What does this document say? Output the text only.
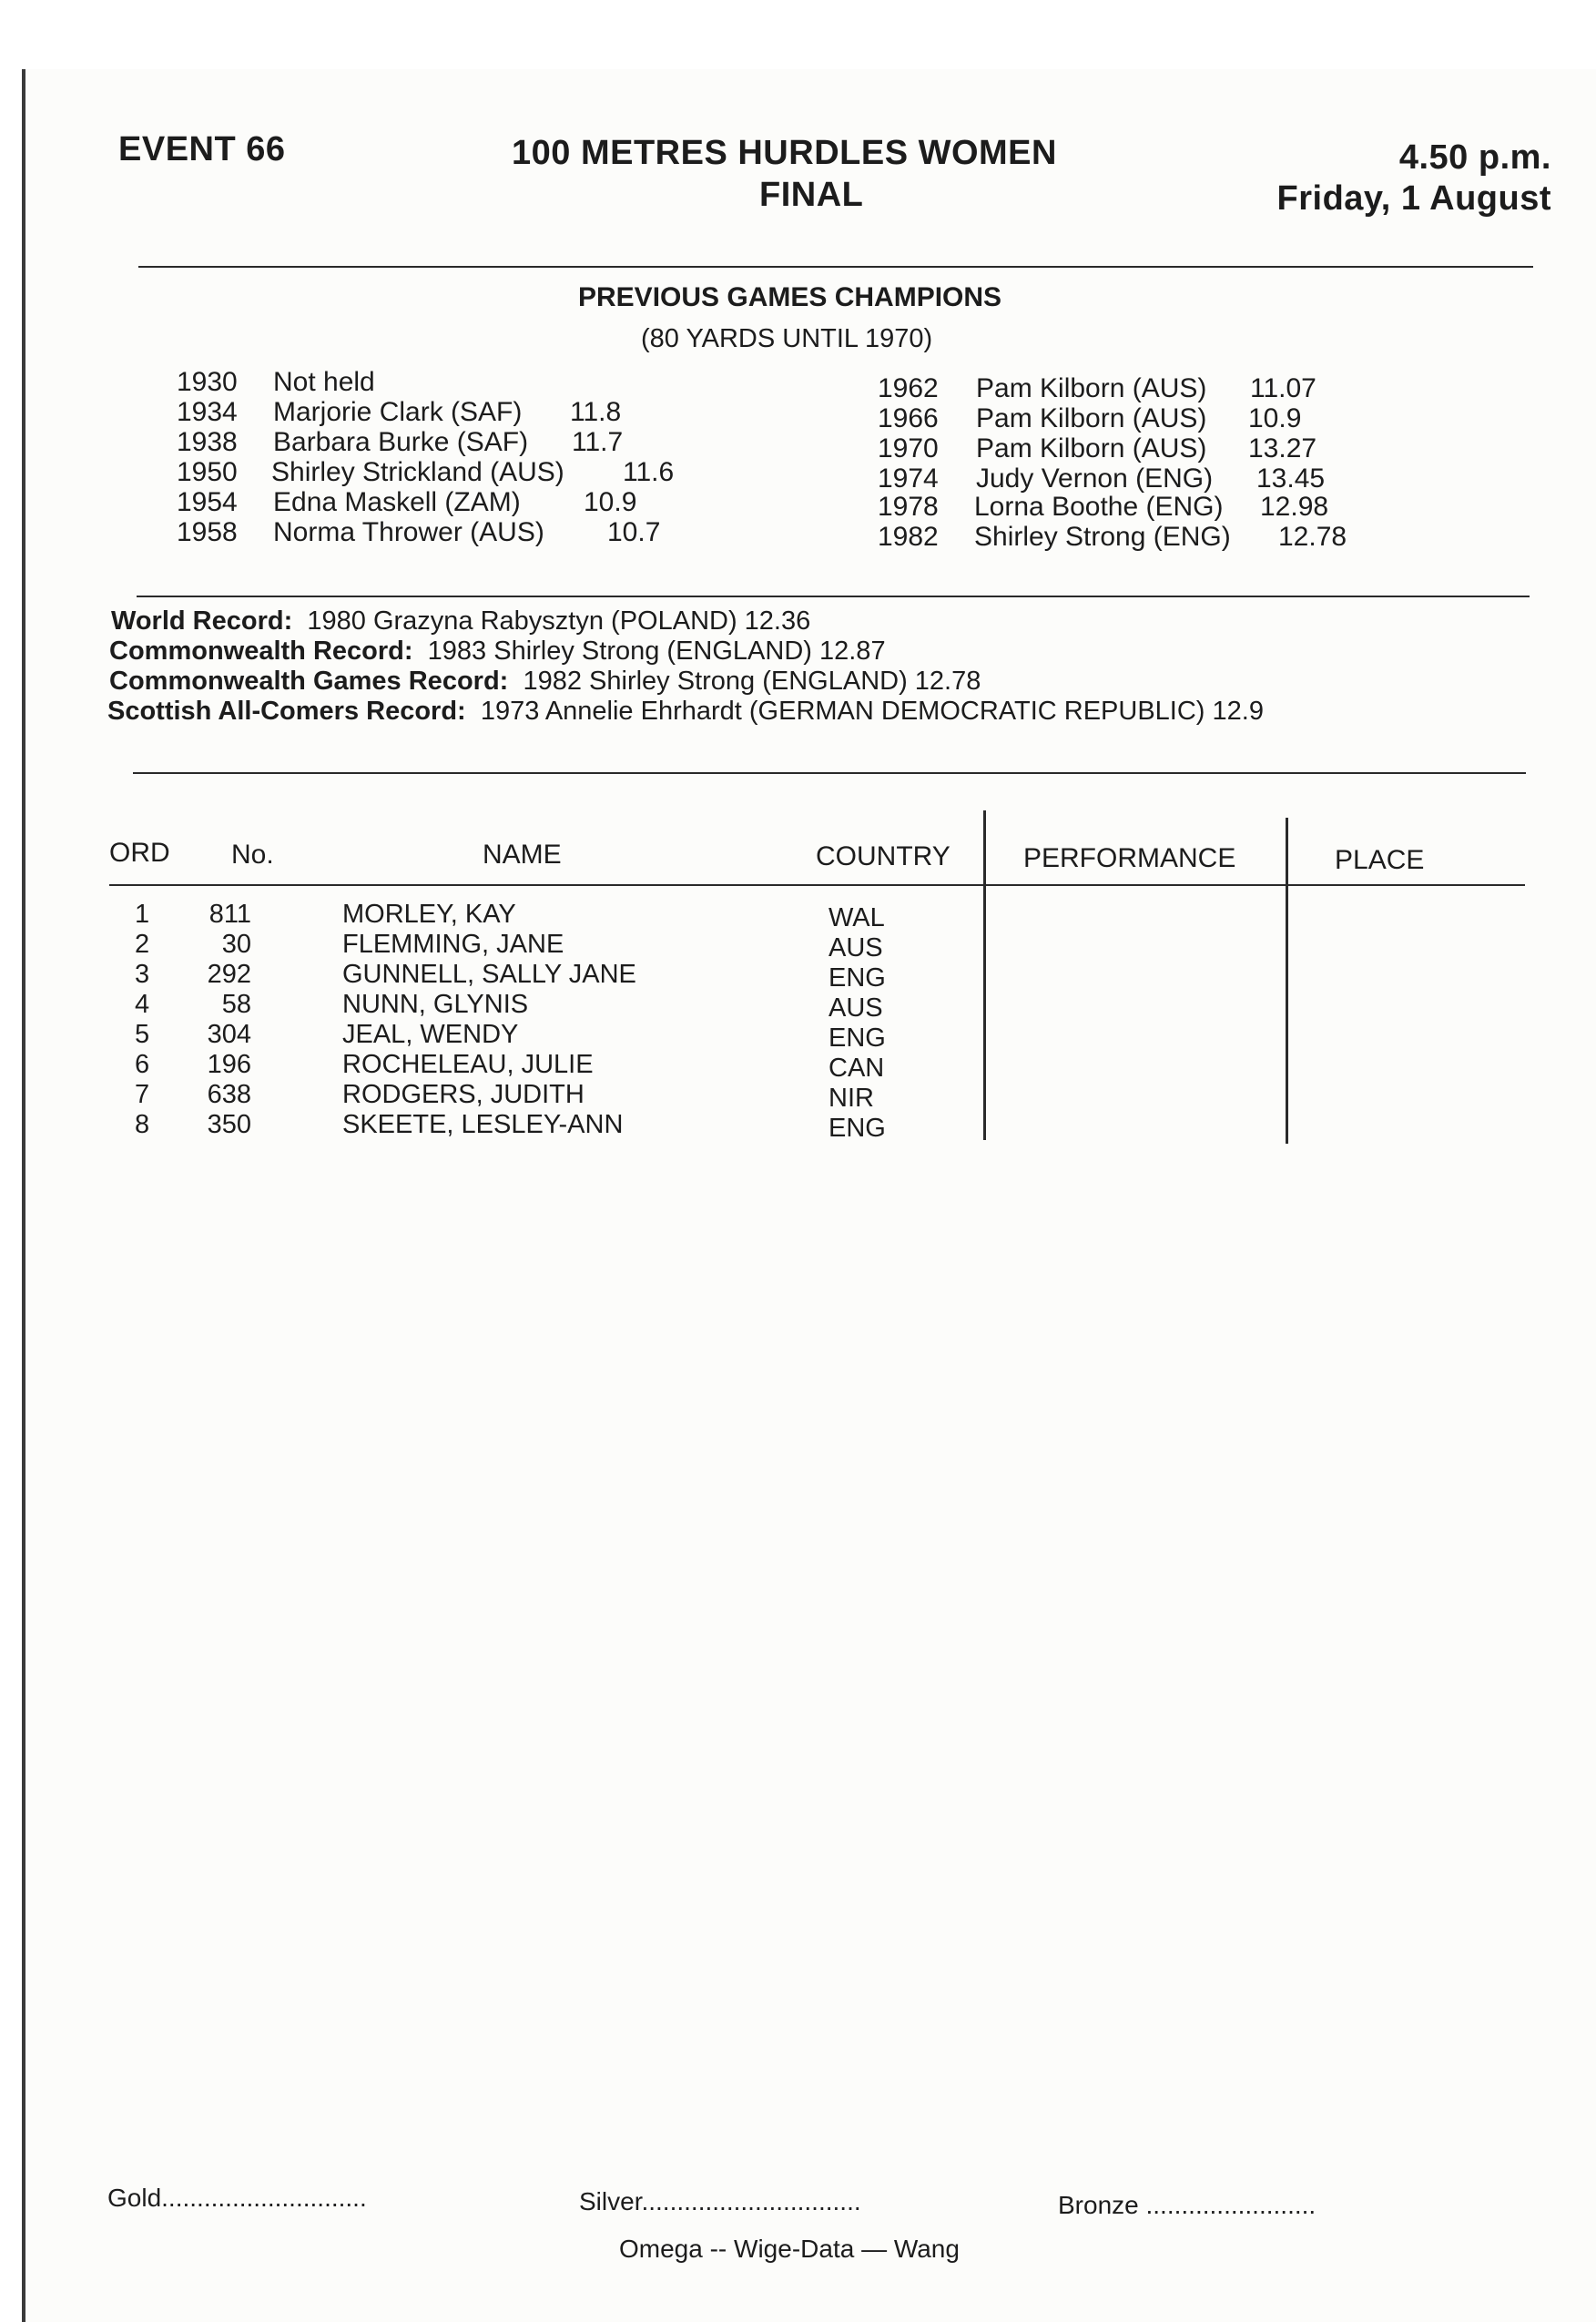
EVENT 66	100 METRES HURDLES WOMEN
FINAL
4.50 p.m.
Friday, 1 August
PREVIOUS GAMES CHAMPIONS
(80 YARDS UNTIL 1970)
1930 Not held
1934 Marjorie Clark (SAF) 11.8
1938 Barbara Burke (SAF) 11.7
1950 Shirley Strickland (AUS) 11.6
1954 Edna Maskell (ZAM) 10.9
1958 Norma Thrower (AUS) 10.7
1962 Pam Kilborn (AUS) 11.07
1966 Pam Kilborn (AUS) 10.9
1970 Pam Kilborn (AUS) 13.27
1974 Judy Vernon (ENG) 13.45
1978 Lorna Boothe (ENG) 12.98
1982 Shirley Strong (ENG) 12.78
World Record: 1980 Grazyna Rabysztyn (POLAND) 12.36
Commonwealth Record: 1983 Shirley Strong (ENGLAND) 12.87
Commonwealth Games Record: 1982 Shirley Strong (ENGLAND) 12.78
Scottish All-Comers Record: 1973 Annelie Ehrhardt (GERMAN DEMOCRATIC REPUBLIC) 12.9
ORD No.	NAME	COUNTRY	PERFORMANCE	PLACE
1 811	MORLEY, KAY	WAL
2	30	FLEMMING, JANE	AUS
3 292	GUNNELL, SALLY JANE	ENG
4	58	NUNN, GLYNIS	AUS
5 304	JEAL, WENDY	ENG
6 196	ROCHELEAU, JULIE	CAN
7 638	RODGERS, JUDITH	NIR
8 350	SKEETE, LESLEY-ANN	ENG
Gold.............................	Silver...............................	Bronze ........................
Omega -- Wige-Data — Wang
